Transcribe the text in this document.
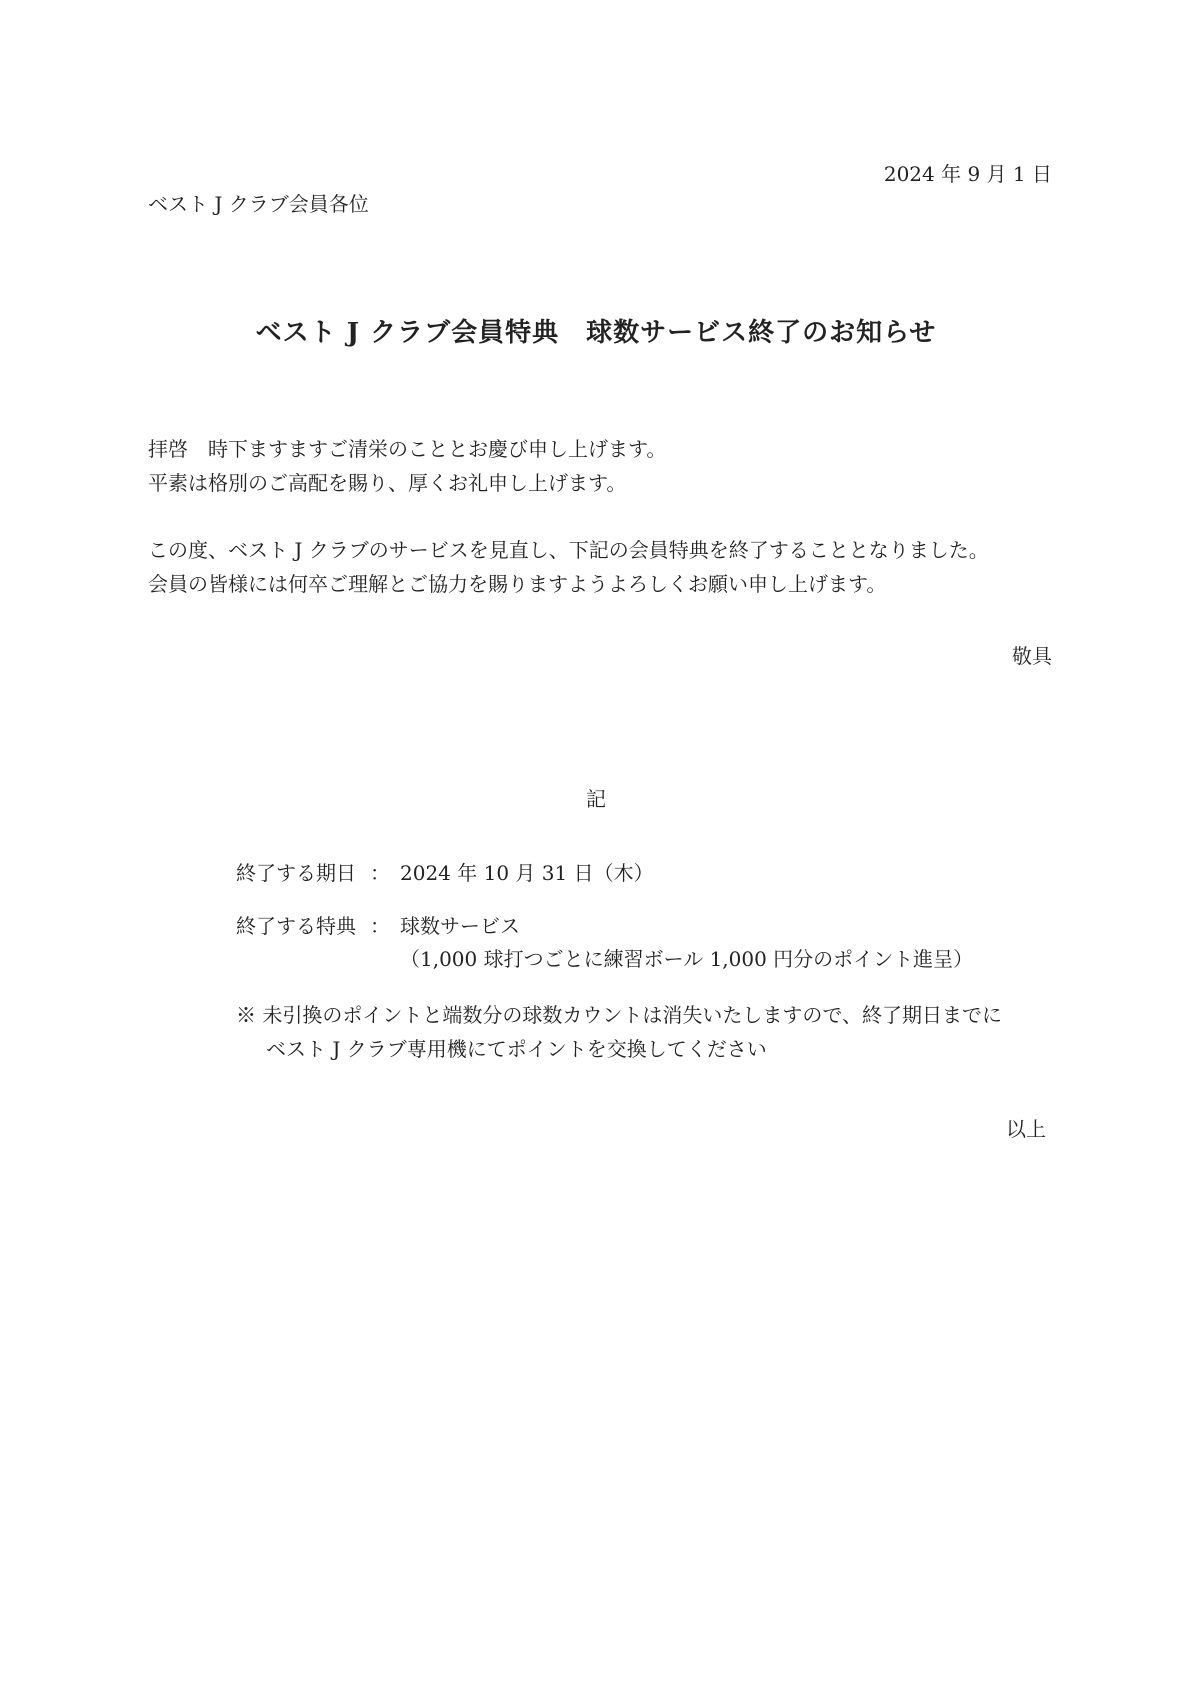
2024 年 9 月 1 日
ベスト J クラブ会員各位
ベスト J クラブ会員特典　球数サービス終了のお知らせ
拝啓　時下ますますご清栄のこととお慶び申し上げます。
平素は格別のご高配を賜り、厚くお礼申し上げます。
この度、ベスト J クラブのサービスを見直し、下記の会員特典を終了することとなりました。
会員の皆様には何卒ご理解とご協力を賜りますようよろしくお願い申し上げます。
敬具
記
終了する期日 ： 2024 年 10 月 31 日（木）
終了する特典 ： 球数サービス
（1,000 球打つごとに練習ボール 1,000 円分のポイント進呈）
※ 未引換のポイントと端数分の球数カウントは消失いたしますので、終了期日までに
ベスト J クラブ専用機にてポイントを交換してください
以上
